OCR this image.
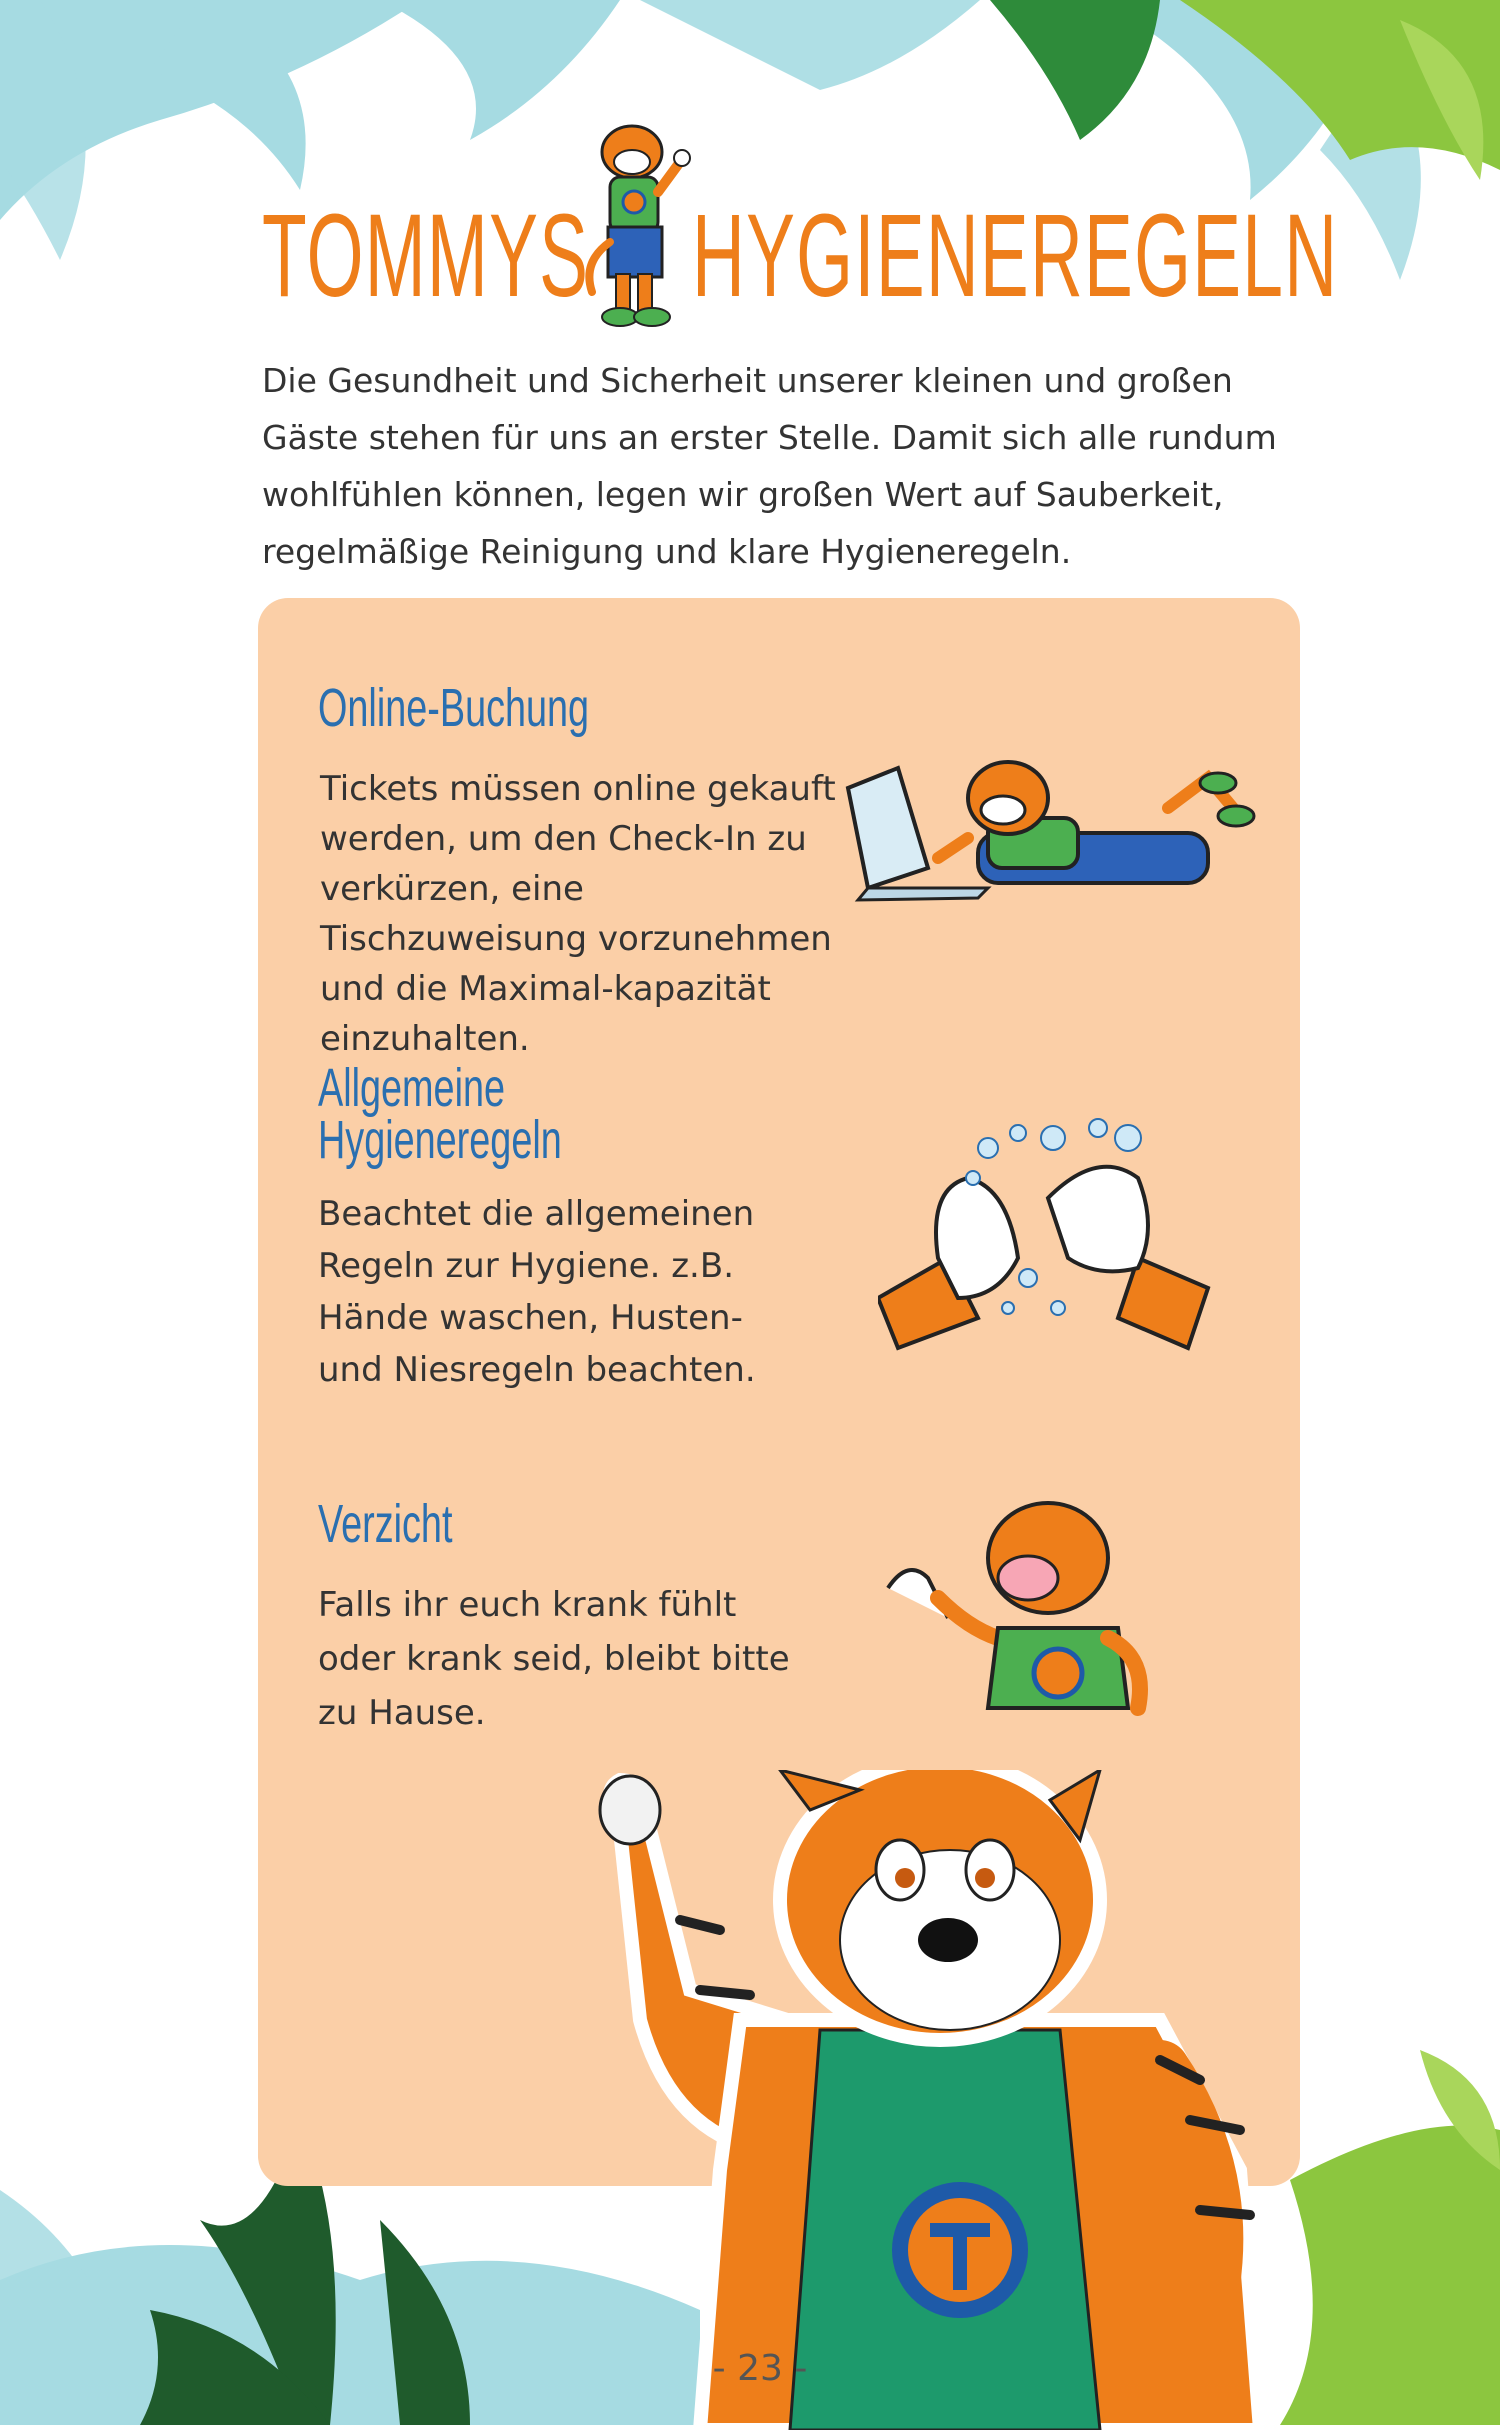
TOMMYS HYGIENEREGELN
Die Gesundheit und Sicherheit unserer kleinen und großen Gäste stehen für uns an erster Stelle. Damit sich alle rundum wohlfühlen können, legen wir großen Wert auf Sauberkeit, regelmäßige Reinigung und klare Hygieneregeln.
Online-Buchung
Tickets müssen online gekauft werden, um den Check-In zu verkürzen, eine Tischzuweisung vorzunehmen und die Maximal-kapazität einzuhalten.
Allgemeine
Hygieneregeln
Beachtet die allgemeinen Regeln zur Hygiene. z.B. Hände waschen, Husten- und Niesregeln beachten.
Verzicht
Falls ihr euch krank fühlt oder krank seid, bleibt bitte zu Hause.
- 23 -
